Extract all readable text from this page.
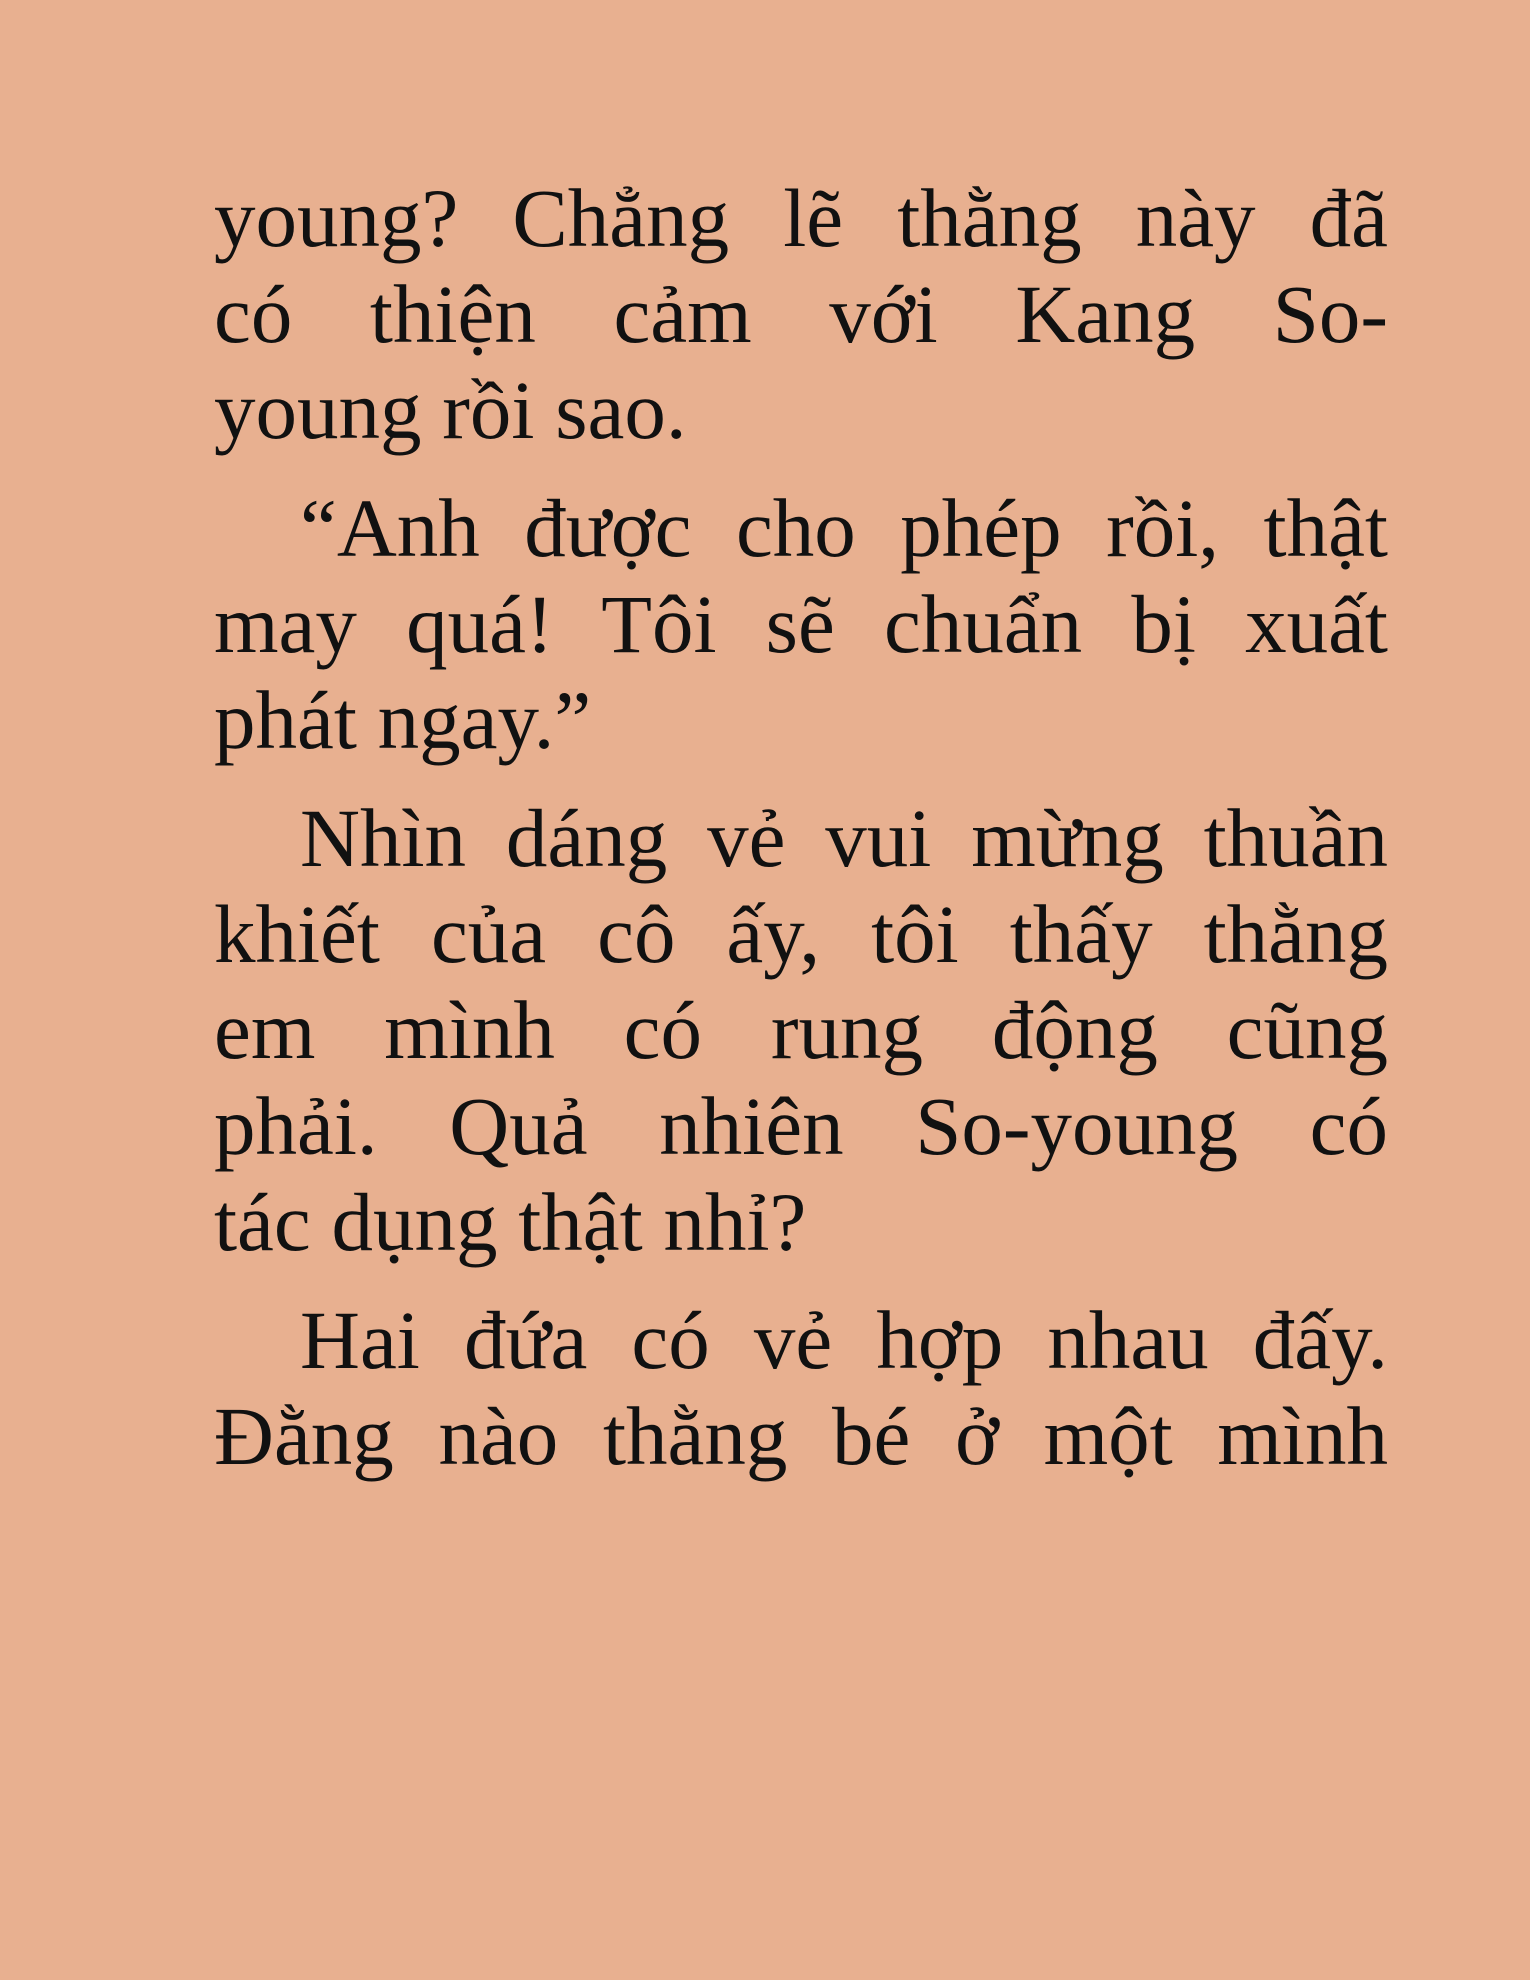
young? Chẳng lẽ thằng này đã
có thiện cảm với Kang So-
young rồi sao.
“Anh được cho phép rồi, thật
may quá! Tôi sẽ chuẩn bị xuất
phát ngay.”
Nhìn dáng vẻ vui mừng thuần
khiết của cô ấy, tôi thấy thằng
em mình có rung động cũng
phải. Quả nhiên So-young có
tác dụng thật nhỉ?
Hai đứa có vẻ hợp nhau đấy.
Đằng nào thằng bé ở một mình
